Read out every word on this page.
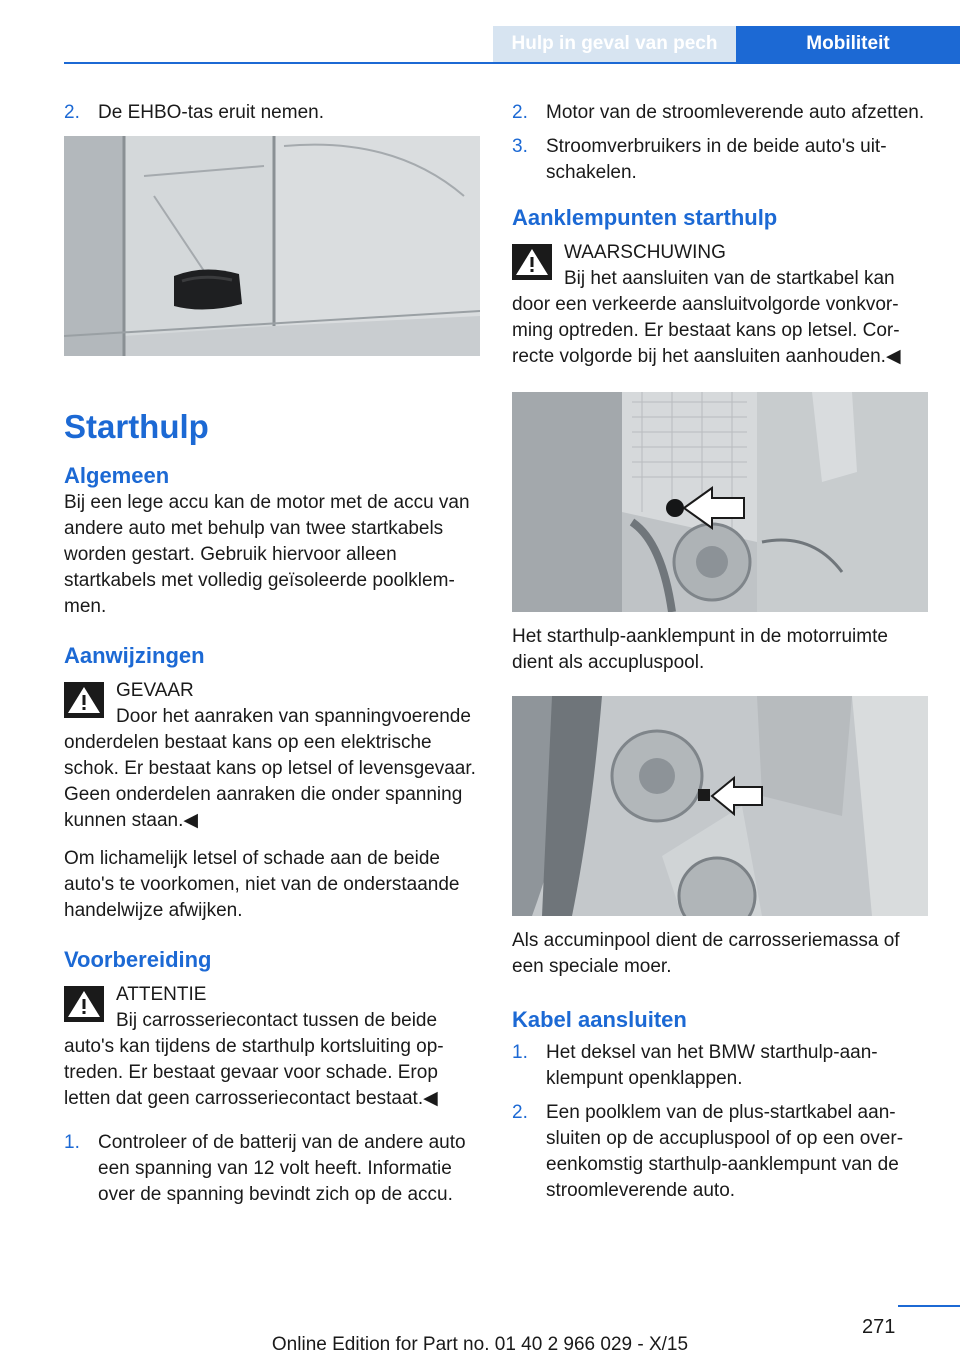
Hulp in geval van pech	Mobiliteit
2. De EHBO-tas eruit nemen.
Starthulp
Algemeen

Bij een lege accu kan de motor met de accu van andere auto met behulp van twee startkabels worden gestart. Gebruik hiervoor alleen startkabels met volledig geïsoleerde poolklemmen.

Aanwijzingen
GEVAAR
Door het aanraken van spanningvoerende onderdelen bestaat kans op een elektrische schok. Er bestaat kans op letsel of levensgevaar. Geen onderdelen aanraken die onder spanning kunnen staan.◀

Om lichamelijk letsel of schade aan de beide auto's te voorkomen, niet van de onderstaande handelwijze afwijken.

Voorbereiding
ATTENTIE
Bij carrosseriecontact tussen de beide auto's kan tijdens de starthulp kortsluiting optreden. Er bestaat gevaar voor schade. Erop letten dat geen carrosseriecontact bestaat.◀
1. Controleer of de batterij van de andere auto een spanning van 12 volt heeft. Informatie over de spanning bevindt zich op de accu.
2. Motor van de stroomleverende auto afzetten.
3. Stroomverbruikers in de beide auto's uitschakelen.
Aanklempunten starthulp
WAARSCHUWING
Bij het aansluiten van de startkabel kan door een verkeerde aansluitvolgorde vonkvorming optreden. Er bestaat kans op letsel. Correcte volgorde bij het aansluiten aanhouden.◀

Het starthulp-aanklempunt in de motorruimte dient als accupluspool.

Als accuminpool dient de carrosseriemassa of een speciale moer.

Kabel aansluiten
1. Het deksel van het BMW starthulp-aanklempunt openklappen.
2. Een poolklem van de plus-startkabel aansluiten op de accupluspool of op een overeenkomstig starthulp-aanklempunt van de stroomleverende auto.
271
Online Edition for Part no. 01 40 2 966 029 - X/15
